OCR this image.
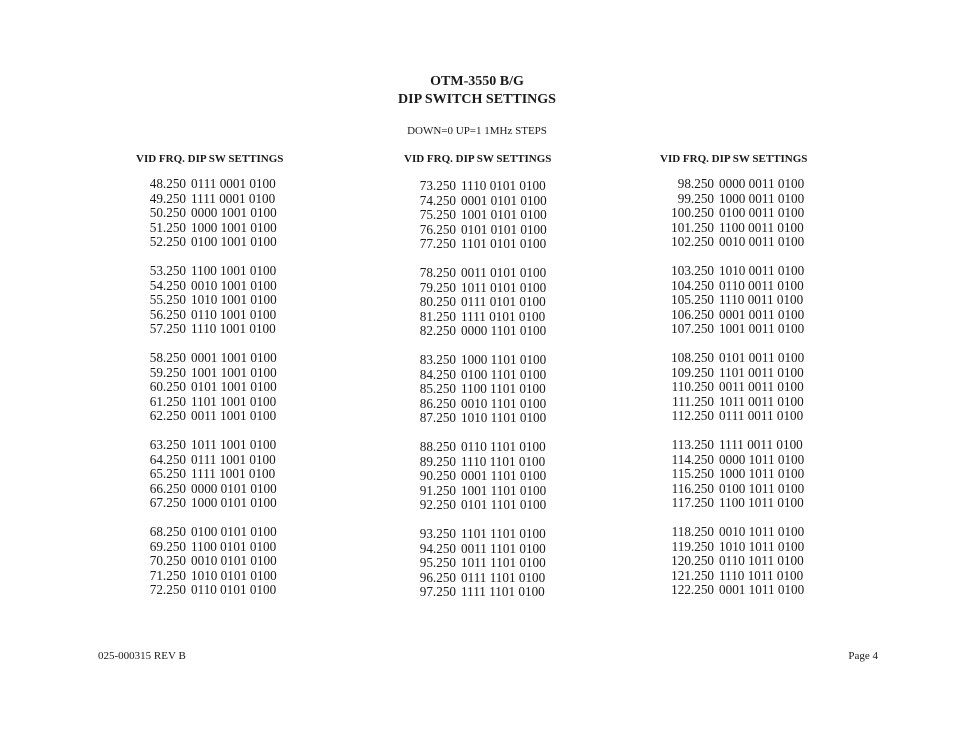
OTM-3550 B/G
DIP SWITCH SETTINGS
DOWN=0 UP=1 1MHz STEPS
VID FRQ. DIP SW SETTINGS
48.250 0111 0001 0100
49.250 1111 0001 0100
50.250 0000 1001 0100
51.250 1000 1001 0100
52.250 0100 1001 0100
53.250 1100 1001 0100
54.250 0010 1001 0100
55.250 1010 1001 0100
56.250 0110 1001 0100
57.250 1110 1001 0100
58.250 0001 1001 0100
59.250 1001 1001 0100
60.250 0101 1001 0100
61.250 1101 1001 0100
62.250 0011 1001 0100
63.250 1011 1001 0100
64.250 0111 1001 0100
65.250 1111 1001 0100
66.250 0000 0101 0100
67.250 1000 0101 0100
68.250 0100 0101 0100
69.250 1100 0101 0100
70.250 0010 0101 0100
71.250 1010 0101 0100
72.250 0110 0101 0100
VID FRQ. DIP SW SETTINGS
73.250 1110 0101 0100
74.250 0001 0101 0100
75.250 1001 0101 0100
76.250 0101 0101 0100
77.250 1101 0101 0100
78.250 0011 0101 0100
79.250 1011 0101 0100
80.250 0111 0101 0100
81.250 1111 0101 0100
82.250 0000 1101 0100
83.250 1000 1101 0100
84.250 0100 1101 0100
85.250 1100 1101 0100
86.250 0010 1101 0100
87.250 1010 1101 0100
88.250 0110 1101 0100
89.250 1110 1101 0100
90.250 0001 1101 0100
91.250 1001 1101 0100
92.250 0101 1101 0100
93.250 1101 1101 0100
94.250 0011 1101 0100
95.250 1011 1101 0100
96.250 0111 1101 0100
97.250 1111 1101 0100
VID FRQ. DIP SW SETTINGS
98.250 0000 0011 0100
99.250 1000 0011 0100
100.250 0100 0011 0100
101.250 1100 0011 0100
102.250 0010 0011 0100
103.250 1010 0011 0100
104.250 0110 0011 0100
105.250 1110 0011 0100
106.250 0001 0011 0100
107.250 1001 0011 0100
108.250 0101 0011 0100
109.250 1101 0011 0100
110.250 0011 0011 0100
111.250 1011 0011 0100
112.250 0111 0011 0100
113.250 1111 0011 0100
114.250 0000 1011 0100
115.250 1000 1011 0100
116.250 0100 1011 0100
117.250 1100 1011 0100
118.250 0010 1011 0100
119.250 1010 1011 0100
120.250 0110 1011 0100
121.250 1110 1011 0100
122.250 0001 1011 0100
025-000315 REV B	Page 4
